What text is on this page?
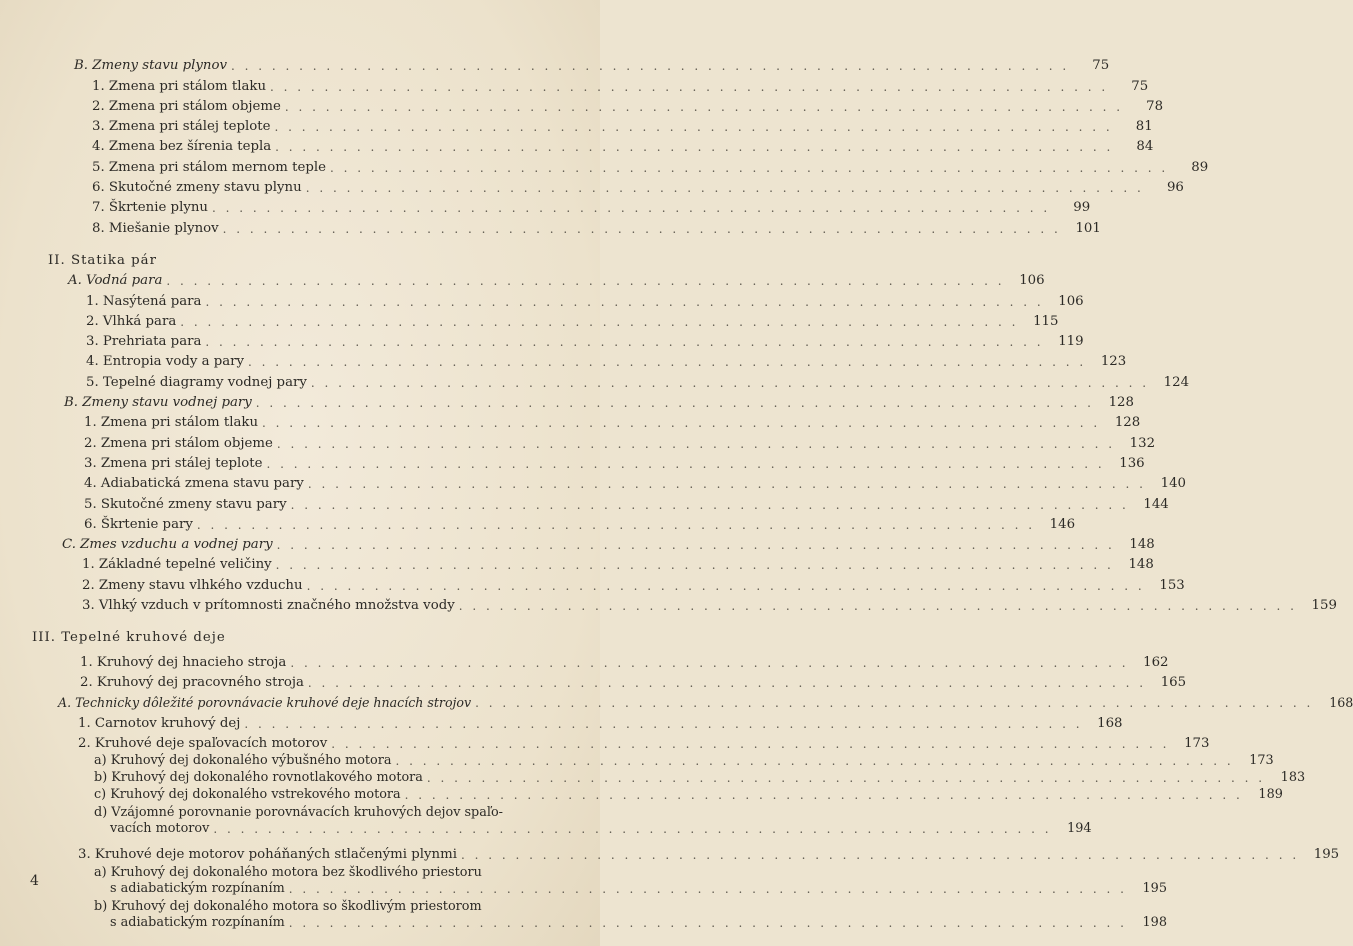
B. Zmeny stavu plynov . . .	75
1. Zmena pri stálom tlaku . . .	75
2. Zmena pri stálom objeme . . .	78
3. Zmena pri stálej teplote . . .	81
4. Zmena bez šírenia tepla . . .	84
5. Zmena pri stálom mernom teple . . .	89
6. Skutočné zmeny stavu plynu . . .	96
7. Škrtenie plynu . . .	99
8. Miešanie plynov . . .	101
II. Statika pár
A. Vodná para . . .	106
1. Nasýtená para . . .	106
2. Vlhká para . . .	115
3. Prehriata para . . .	119
4. Entropia vody a pary . . .	123
5. Tepelné diagramy vodnej pary . . .	124
B. Zmeny stavu vodnej pary . . .	128
1. Zmena pri stálom tlaku . . .	128
2. Zmena pri stálom objeme . . .	132
3. Zmena pri stálej teplote . . .	136
4. Adiabatická zmena stavu pary . . .	140
5. Skutočné zmeny stavu pary . . .	144
6. Škrtenie pary . . .	146
C. Zmes vzduchu a vodnej pary . . .	148
1. Základné tepelné veličiny . . .	148
2. Zmeny stavu vlhkého vzduchu . . .	153
3. Vlhký vzduch v prítomnosti značného množstva vody . . .	159
III. Tepelné kruhové deje
1. Kruhový dej hnacieho stroja . . .	162
2. Kruhový dej pracovného stroja . . .	165
A. Technicky dôležité porovnávacie kruhové deje hnacích strojov . . .	168
1. Carnotov kruhový dej . . .	168
2. Kruhové deje spaľovacích motorov . . .	173
a) Kruhový dej dokonalého výbušného motora . . .	173
b) Kruhový dej dokonalého rovnotlakového motora . . .	183
c) Kruhový dej dokonalého vstrekového motora . . .	189
d) Vzájomné porovnanie porovnávacích kruhových dejov spaľo-
vacích motorov . . .	194
3. Kruhové deje motorov poháňaných stlačenými plynmi . . .	195
a) Kruhový dej dokonalého motora bez škodlivého priestoru
s adiabatickým rozpínaním . . .	195
b) Kruhový dej dokonalého motora so škodlivým priestorom
s adiabatickým rozpínaním . . .	198
4
